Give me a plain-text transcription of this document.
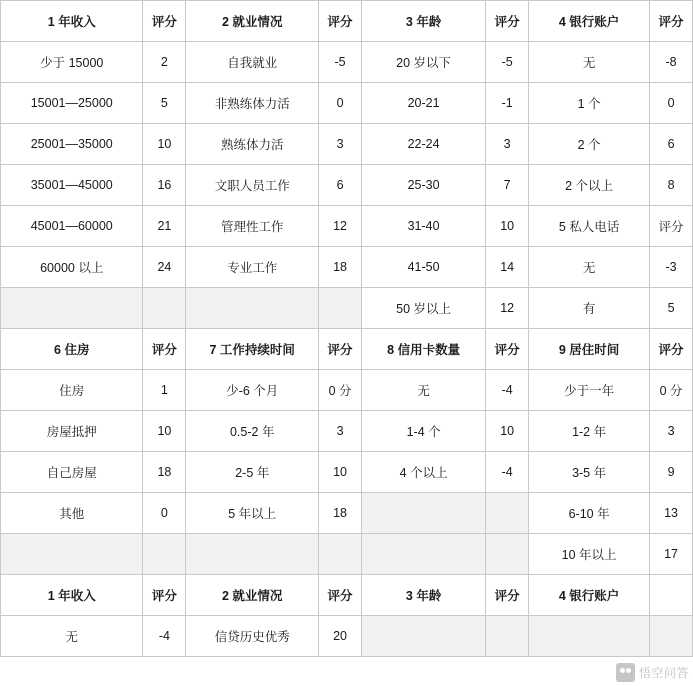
1 年收入	评分	2 就业情况	评分	3 年龄	评分	4 银行账户	评分
少于 15000	2	自我就业	-5	20 岁以下	-5	无	-8
15001—25000	5	非熟练体力活	0	20-21	-1	1 个	0
25001—35000	10	熟练体力活	3	22-24	3	2 个	6
35001—45000	16	文职人员工作	6	25-30	7	2 个以上	8
45001—60000	21	管理性工作	12	31-40	10	5 私人电话	评分
60000 以上	24	专业工作	18	41-50	14	无	-3
				50 岁以上	12	有	5
6 住房	评分	7 工作持续时间	评分	8 信用卡数量	评分	9 居住时间	评分
住房	1	少-6 个月	0 分	无	-4	少于一年	0 分
房屋抵押	10	0.5-2 年	3	1-4 个	10	1-2 年	3
自己房屋	18	2-5 年	10	4 个以上	-4	3-5 年	9
其他	0	5 年以上	18			6-10 年	13
						10 年以上	17
1 年收入	评分	2 就业情况	评分	3 年龄	评分	4 银行账户	
无	-4	信贷历史优秀	20				
悟空问答
